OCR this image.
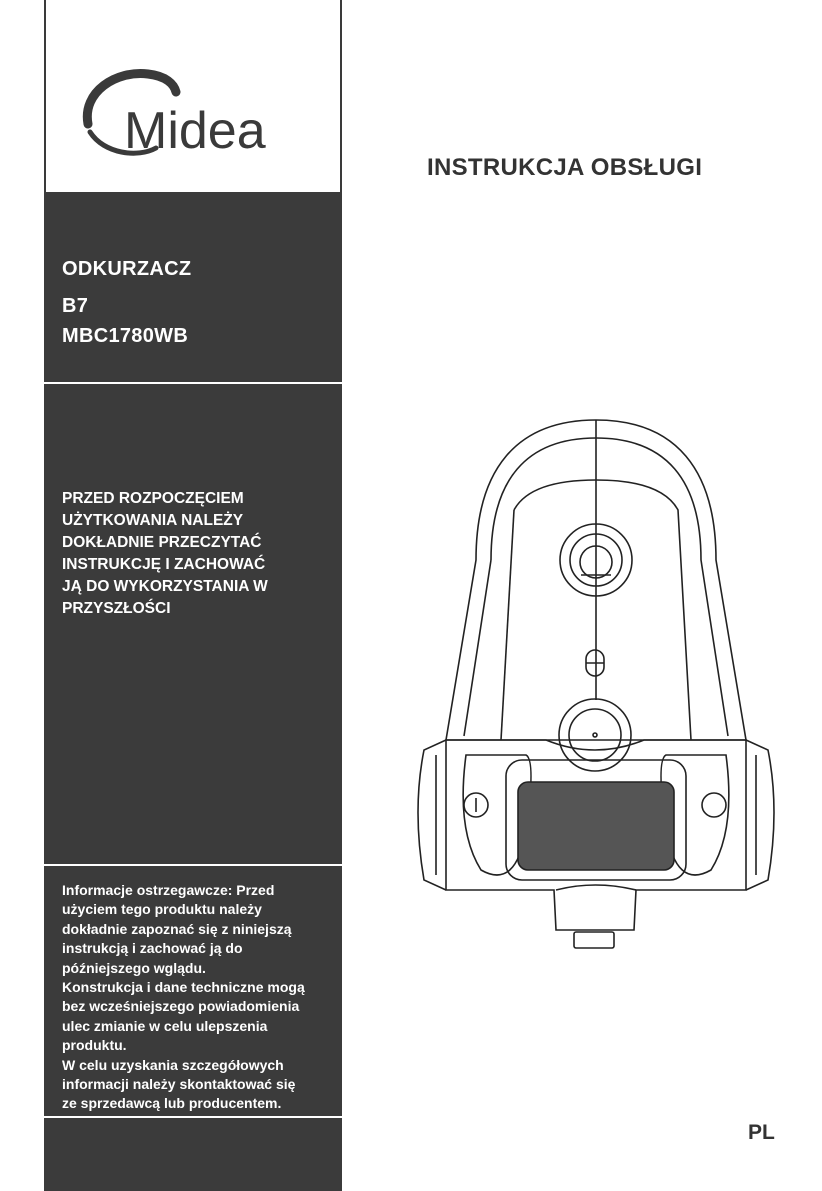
Midea
ODKURZACZ
B7
MBC1780WB
PRZED ROZPOCZĘCIEM
UŻYTKOWANIA NALEŻY
DOKŁADNIE PRZECZYTAĆ
INSTRUKCJĘ I ZACHOWAĆ
JĄ DO WYKORZYSTANIA W
PRZYSZŁOŚCI
Informacje ostrzegawcze: Przed
użyciem tego produktu należy
dokładnie zapoznać się z niniejszą
instrukcją i zachować ją do
późniejszego wglądu.
Konstrukcja i dane techniczne mogą
bez wcześniejszego powiadomienia
ulec zmianie w celu ulepszenia
produktu.
W celu uzyskania szczegółowych
informacji należy skontaktować się
ze sprzedawcą lub producentem.
INSTRUKCJA OBSŁUGI
PL
